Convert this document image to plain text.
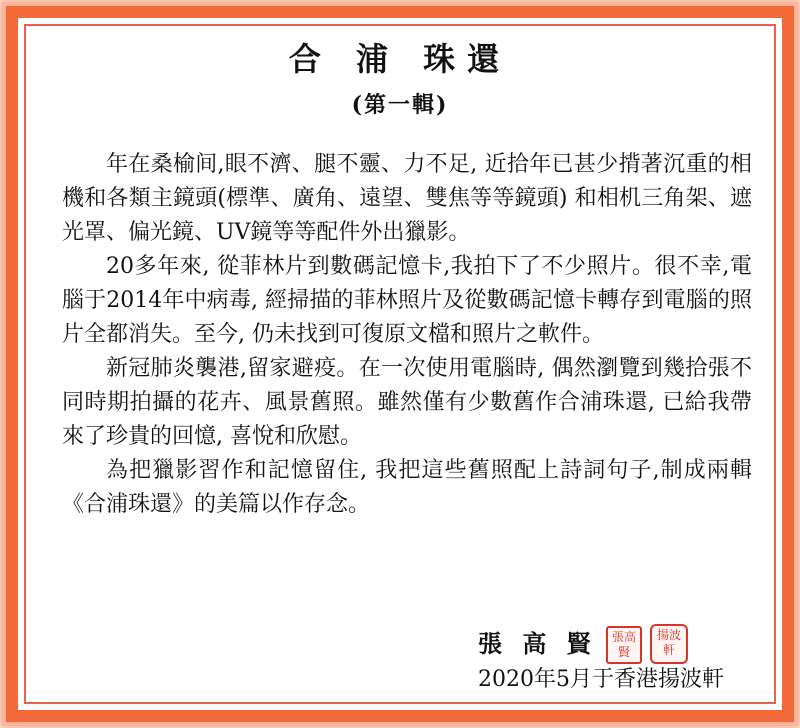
合 浦 珠還
(第一輯)

年在桑榆间,眼不濟、腿不靈、力不足, 近拾年已甚少揹著沉重的相機和各類主鏡頭(標準、廣角、遠望、雙焦等等鏡頭) 和相机三角架、遮光罩、偏光鏡、UV鏡等等配件外出獵影。

20多年來, 從菲林片到數碼記憶卡,我拍下了不少照片。很不幸,電腦于2014年中病毒, 經掃描的菲林照片及從數碼記憶卡轉存到電腦的照片全都消失。至今, 仍未找到可復原文檔和照片之軟件。

新冠肺炎襲港,留家避疫。在一次使用電腦時, 偶然瀏覽到幾拾張不同時期拍攝的花卉、風景舊照。雖然僅有少數舊作合浦珠還, 已給我帶來了珍貴的回憶, 喜悅和欣慰。

為把獵影習作和記憶留住, 我把這些舊照配上詩詞句子,制成兩輯《合浦珠還》的美篇以作存念。

張 高 賢	張高賢
揚波軒
2020年5月于香港揚波軒
